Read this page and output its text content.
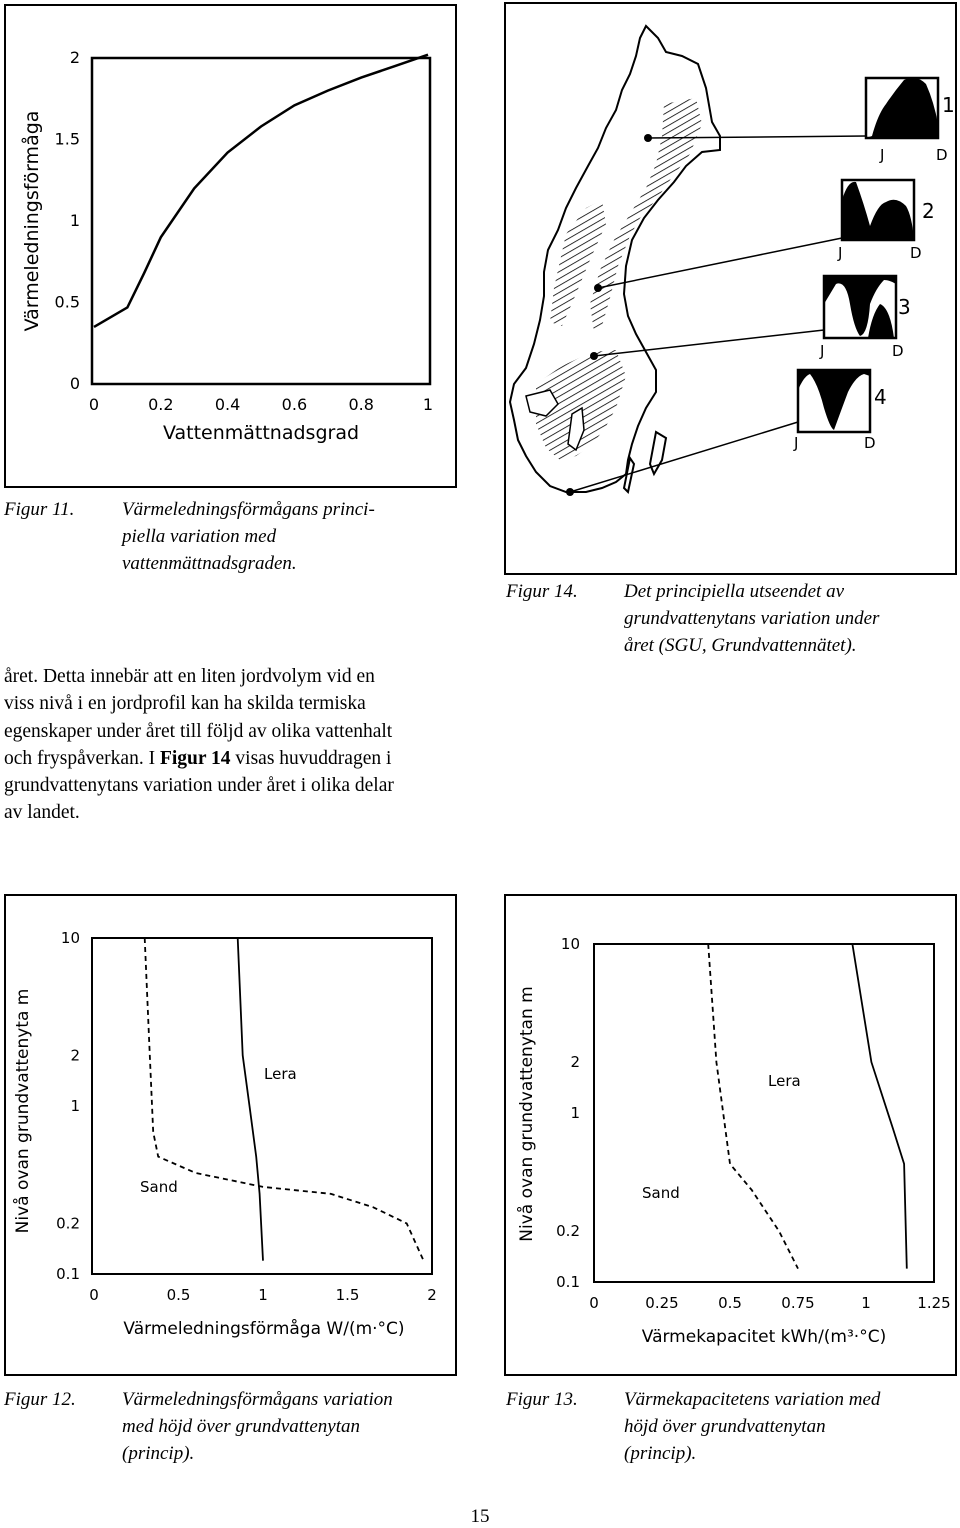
Värmeledningsförmåga
0
0.5
1
1.5
2
0	0.2	0.4	0.6	0.8	1
Vattenmättnadsgrad
Figur 11.	Värmeledningsförmågans princi-
piella variation med
vattenmättnadsgraden.
J	D
1
J	D
2
J	D
3
J	D
4
Figur 14. Det principiella utseendet av
grundvattenytans variation under
året (SGU, Grundvattennätet).
året. Detta innebär att en liten jordvolym vid en
viss nivå i en jordprofil kan ha skilda termiska
egenskaper under året till följd av olika vattenhalt
och fryspåverkan. I Figur 14 visas huvuddragen i
grundvattenytans variation under året i olika delar
av landet.
Nivå ovan grundvattenyta m
0.1
0.2
1
2
10
0	0.5	1	1.5	2
Värmeledningsförmåga W/(m·°C)
Sand
Lera
Figur 12. Värmeledningsförmågans variation
med höjd över grundvattenytan
(princip).
Nivå ovan grundvattenytan m
0.1
0.2
1
2
10
0	0.25	0.5	0.75	1	1.25
Värmekapacitet kWh/(m³·°C)
Sand
Lera
Figur 13. Värmekapacitetens variation med
höjd över grundvattenytan
(princip).
15
